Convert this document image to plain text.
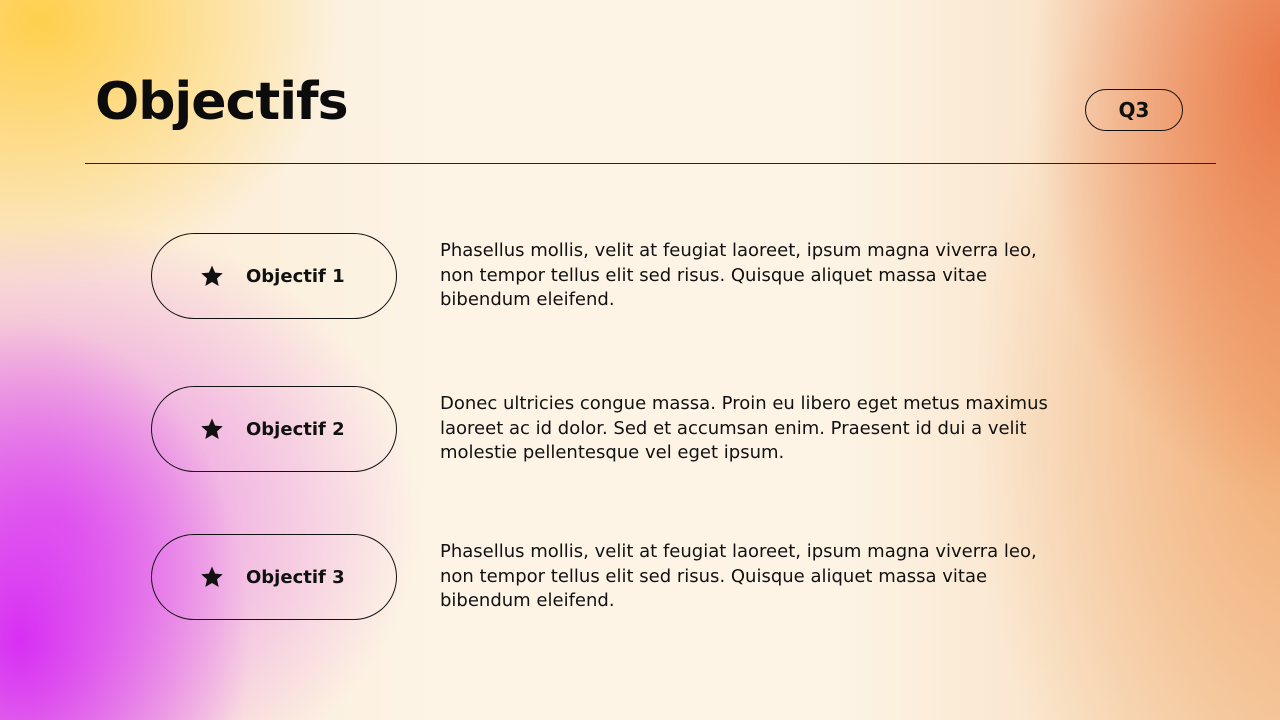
Objectifs	Q3
Objectif 1

Phasellus mollis, velit at feugiat laoreet, ipsum magna viverra leo, non tempor tellus elit sed risus. Quisque aliquet massa vitae bibendum eleifend.

Objectif 2

Donec ultricies congue massa. Proin eu libero eget metus maximus laoreet ac id dolor. Sed et accumsan enim. Praesent id dui a velit molestie pellentesque vel eget ipsum.

Objectif 3

Phasellus mollis, velit at feugiat laoreet, ipsum magna viverra leo, non tempor tellus elit sed risus. Quisque aliquet massa vitae bibendum eleifend.
